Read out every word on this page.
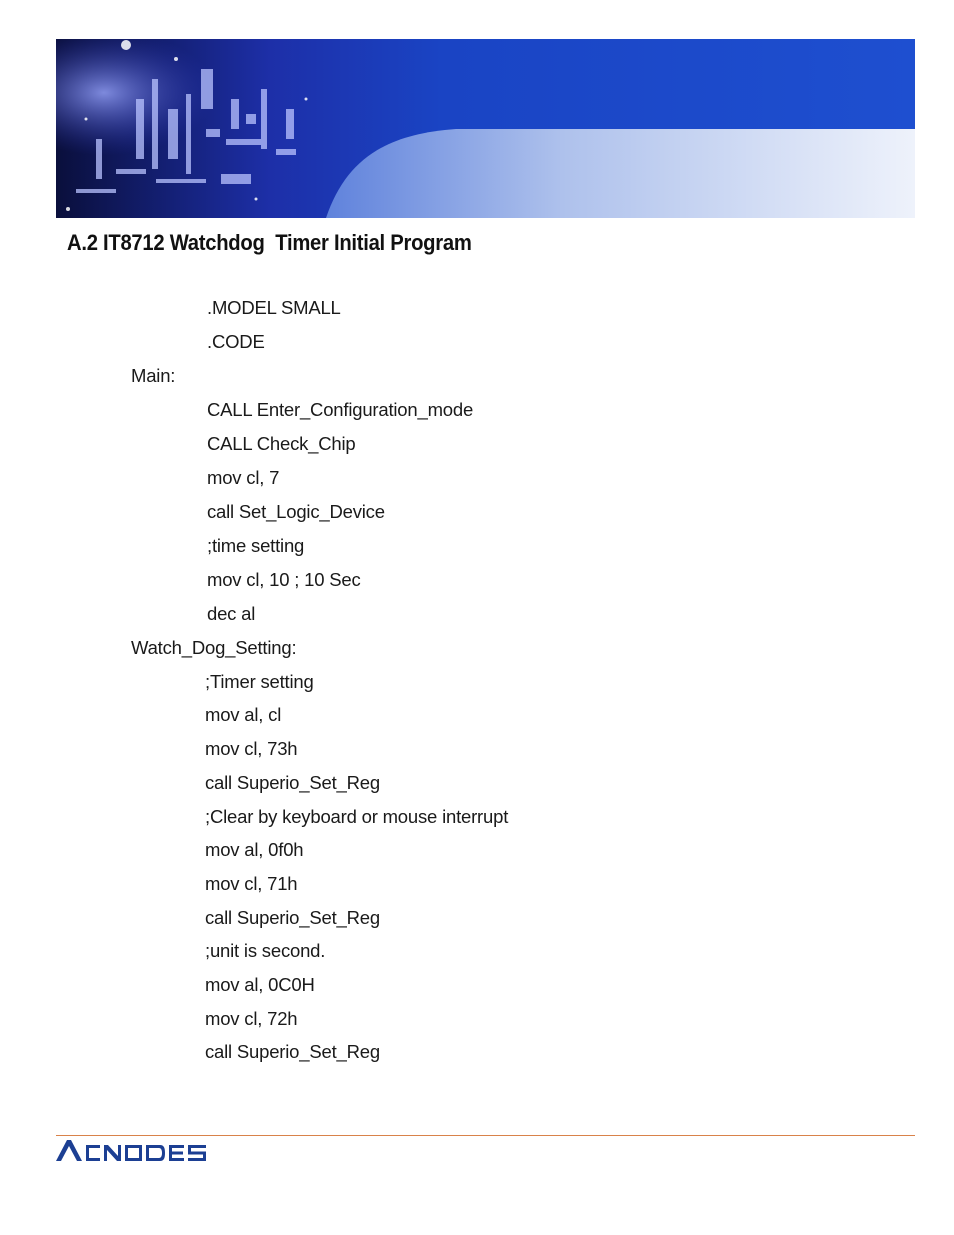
A.2 IT8712 Watchdog  Timer Initial Program
.MODEL SMALL
.CODE
Main:
CALL Enter_Configuration_mode
CALL Check_Chip
mov cl, 7
call Set_Logic_Device
;time setting
mov cl, 10 ; 10 Sec
dec al
Watch_Dog_Setting:
;Timer setting
mov al, cl
mov cl, 73h
call Superio_Set_Reg
;Clear by keyboard or mouse interrupt
mov al, 0f0h
mov cl, 71h
call Superio_Set_Reg
;unit is second.
mov al, 0C0H
mov cl, 72h
call Superio_Set_Reg
